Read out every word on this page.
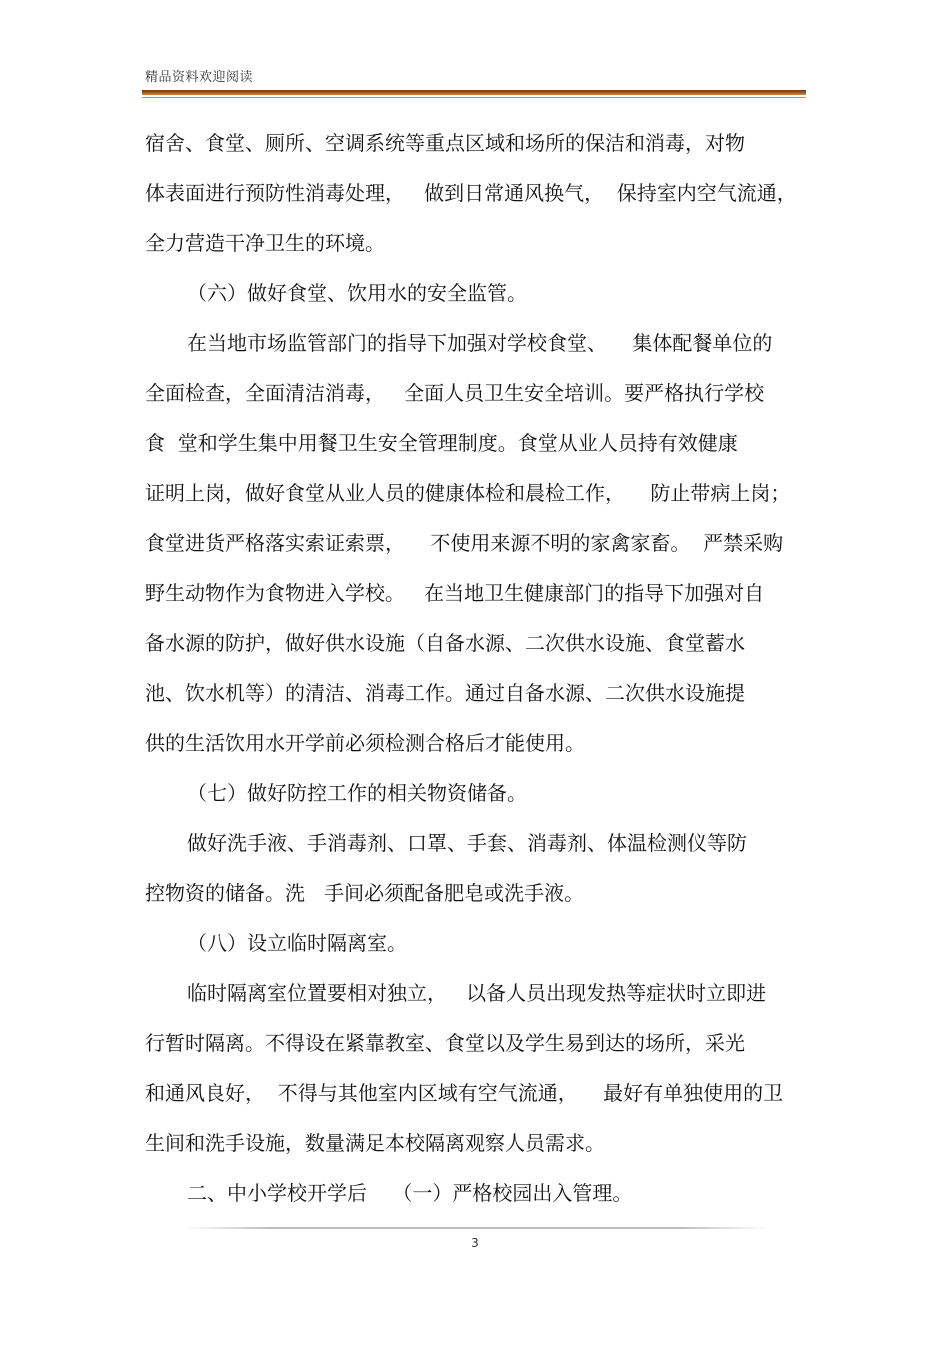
精品资料欢迎阅读
宿舍、食堂、厕所、空调系统等重点区域和场所的保洁和消毒，对物
体表面进行预防性消毒处理，   做到日常通风换气，  保持室内空气流通，
全力营造干净卫生的环境。
（六）做好食堂、饮用水的安全监管。
在当地市场监管部门的指导下加强对学校食堂、    集体配餐单位的
全面检查，全面清洁消毒，   全面人员卫生安全培训。要严格执行学校
食  堂和学生集中用餐卫生安全管理制度。食堂从业人员持有效健康
证明上岗，做好食堂从业人员的健康体检和晨检工作，    防止带病上岗；
食堂进货严格落实索证索票，    不使用来源不明的家禽家畜。  严禁采购
野生动物作为食物进入学校。   在当地卫生健康部门的指导下加强对自
备水源的防护，做好供水设施（自备水源、二次供水设施、食堂蓄水
池、饮水机等）的清洁、消毒工作。通过自备水源、二次供水设施提
供的生活饮用水开学前必须检测合格后才能使用。
（七）做好防控工作的相关物资储备。
做好洗手液、手消毒剂、口罩、手套、消毒剂、体温检测仪等防
控物资的储备。洗   手间必须配备肥皂或洗手液。
（八）设立临时隔离室。
临时隔离室位置要相对独立，   以备人员出现发热等症状时立即进
行暂时隔离。不得设在紧靠教室、食堂以及学生易到达的场所，采光
和通风良好，  不得与其他室内区域有空气流通，    最好有单独使用的卫
生间和洗手设施，数量满足本校隔离观察人员需求。
二、中小学校开学后    （一）严格校园出入管理。
3
